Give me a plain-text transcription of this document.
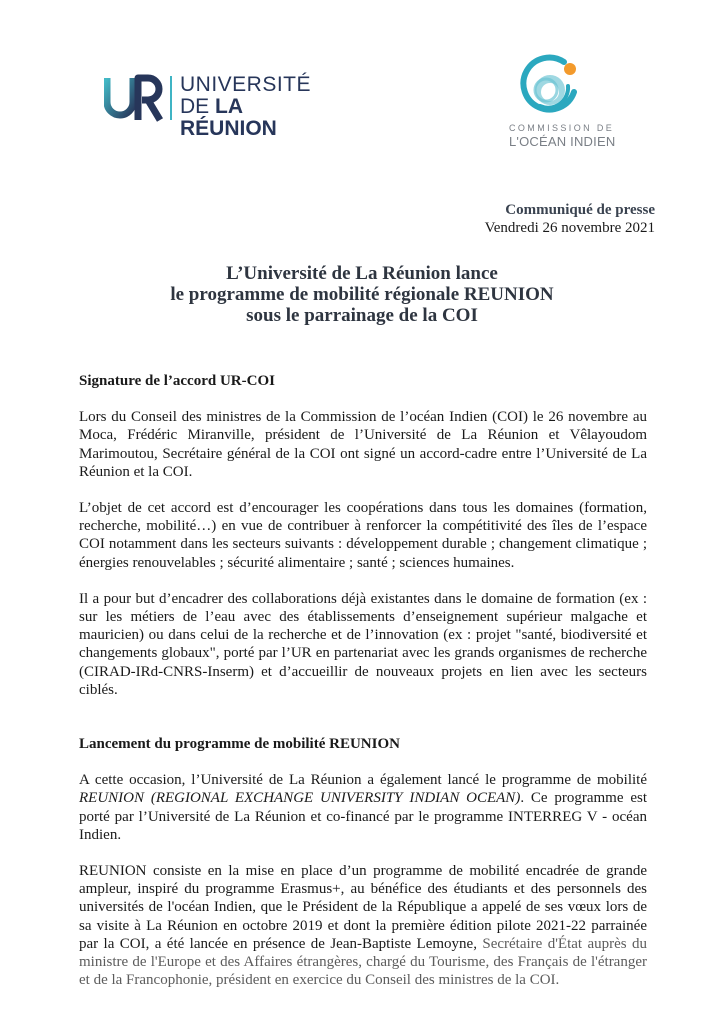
UNIVERSITÉ
DE LA RÉUNION	COMMISSION DE
L'OCÉAN INDIEN
Communiqué de presse
Vendredi 26 novembre 2021
L’Université de La Réunion lance
le programme de mobilité régionale REUNION
sous le parrainage de la COI

Signature de l’accord UR-COI

Lors du Conseil des ministres de la Commission de l’océan Indien (COI) le 26 novembre au Moca, Frédéric Miranville, président de l’Université de La Réunion et Vêlayoudom Marimoutou, Secrétaire général de la COI ont signé un accord-cadre entre l’Université de La Réunion et la COI.

L’objet de cet accord est d’encourager les coopérations dans tous les domaines (formation, recherche, mobilité…) en vue de contribuer à renforcer la compétitivité des îles de l’espace COI notamment dans les secteurs suivants : développement durable ; changement climatique ; énergies renouvelables ; sécurité alimentaire ; santé ; sciences humaines.

Il a pour but d’encadrer des collaborations déjà existantes dans le domaine de formation (ex : sur les métiers de l’eau avec des établissements d’enseignement supérieur malgache et mauricien) ou dans celui de la recherche et de l’innovation (ex : projet "santé, biodiversité et changements globaux", porté par l’UR en partenariat avec les grands organismes de recherche (CIRAD-IRd-CNRS-Inserm) et d’accueillir de nouveaux projets en lien avec les secteurs ciblés.

Lancement du programme de mobilité REUNION

A cette occasion, l’Université de La Réunion a également lancé le programme de mobilité REUNION (REGIONAL EXCHANGE UNIVERSITY INDIAN OCEAN). Ce programme est porté par l’Université de La Réunion et co-financé par le programme INTERREG V - océan Indien.

REUNION consiste en la mise en place d’un programme de mobilité encadrée de grande ampleur, inspiré du programme Erasmus+, au bénéfice des étudiants et des personnels des universités de l'océan Indien, que le Président de la République a appelé de ses vœux lors de sa visite à La Réunion en octobre 2019 et dont la première édition pilote 2021-22 parrainée par la COI, a été lancée en présence de Jean-Baptiste Lemoyne, Secrétaire d'État auprès du ministre de l'Europe et des Affaires étrangères, chargé du Tourisme, des Français de l'étranger et de la Francophonie, président en exercice du Conseil des ministres de la COI.
